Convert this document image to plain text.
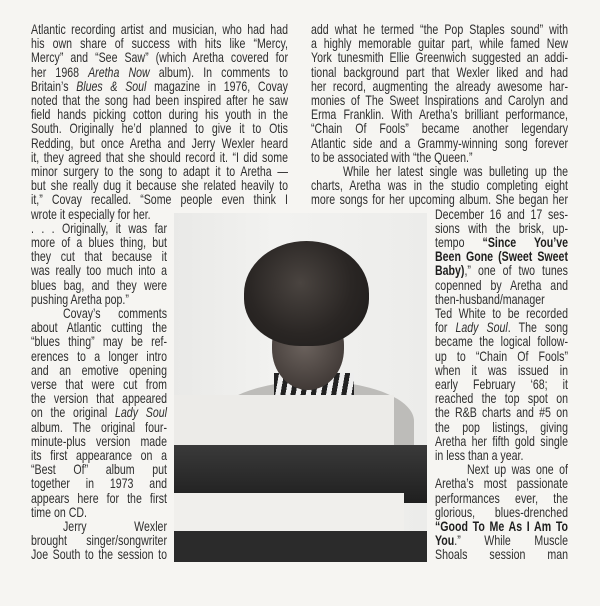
Atlantic recording artist and musician, who had had
his own share of success with hits like “Mercy,
Mercy” and “See Saw” (which Aretha covered for
her 1968 Aretha Now album). In comments to
Britain’s Blues & Soul magazine in 1976, Covay
noted that the song had been inspired after he saw
field hands picking cotton during his youth in the
South. Originally he’d planned to give it to Otis
Redding, but once Aretha and Jerry Wexler heard
it, they agreed that she should record it. “I did some
minor surgery to the song to adapt it to Aretha —
but she really dug it because she related heavily to
it,” Covay recalled. “Some people even think I
wrote it especially for her.
. . . Originally, it was far
more of a blues thing, but
they cut that because it
was really too much into a
blues bag, and they were
pushing Aretha pop.”
Covay’s comments
about Atlantic cutting the
“blues thing” may be ref-
erences to a longer intro
and an emotive opening
verse that were cut from
the version that appeared
on the original Lady Soul
album. The original four-
minute-plus version made
its first appearance on a
“Best Of” album put
together in 1973 and
appears here for the first
time on CD.
Jerry Wexler
brought singer/songwriter
Joe South to the session to
add what he termed “the Pop Staples sound” with
a highly memorable guitar part, while famed New
York tunesmith Ellie Greenwich suggested an addi-
tional background part that Wexler liked and had
her record, augmenting the already awesome har-
monies of The Sweet Inspirations and Carolyn and
Erma Franklin. With Aretha’s brilliant performance,
“Chain Of Fools” became another legendary
Atlantic side and a Grammy-winning song forever
to be associated with “the Queen.”
While her latest single was bulleting up the
charts, Aretha was in the studio completing eight
more songs for her upcoming album. She began her
December 16 and 17 ses-
sions with the brisk, up-
tempo “Since You’ve
Been Gone (Sweet Sweet
Baby),” one of two tunes
copenned by Aretha and
then-husband/manager
Ted White to be recorded
for Lady Soul. The song
became the logical follow-
up to “Chain Of Fools”
when it was issued in
early February ‘68; it
reached the top spot on
the R&B charts and #5 on
the pop listings, giving
Aretha her fifth gold single
in less than a year.
Next up was one of
Aretha’s most passionate
performances ever, the
glorious, blues-drenched
“Good To Me As I Am To
You.” While Muscle
Shoals session man
